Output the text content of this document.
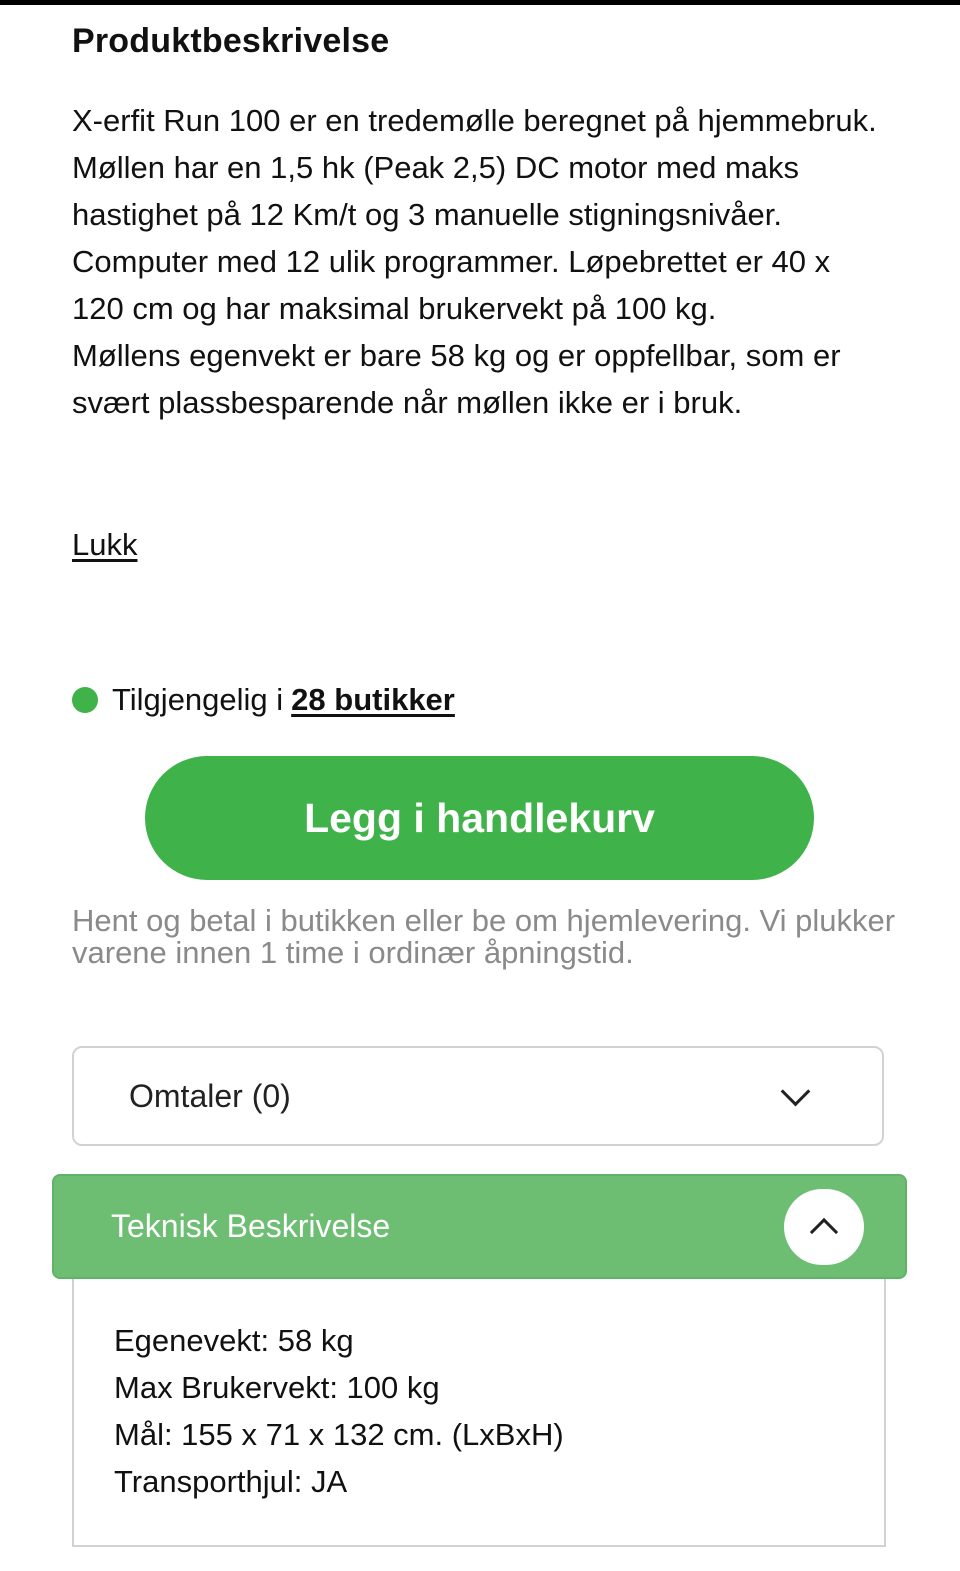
Produktbeskrivelse

X-erfit Run 100 er en tredemølle beregnet på hjemmebruk. Møllen har en 1,5 hk (Peak 2,5) DC motor med maks hastighet på 12 Km/t og 3 manuelle stigningsnivåer. Computer med 12 ulik programmer. Løpebrettet er 40 x 120 cm og har maksimal brukervekt på 100 kg.

Møllens egenvekt er bare 58 kg og er oppfellbar, som er svært plassbesparende når møllen ikke er i bruk.

Lukk
Tilgjengelig i 28 butikker
Legg i handlekurv

Hent og betal i butikken eller be om hjemlevering. Vi plukker varene innen 1 time i ordinær åpningstid.

Omtaler (0)
Teknisk Beskrivelse
Egenevekt: 58 kg
Max Brukervekt: 100 kg
Mål: 155 x 71 x 132 cm. (LxBxH)
Transporthjul: JA
